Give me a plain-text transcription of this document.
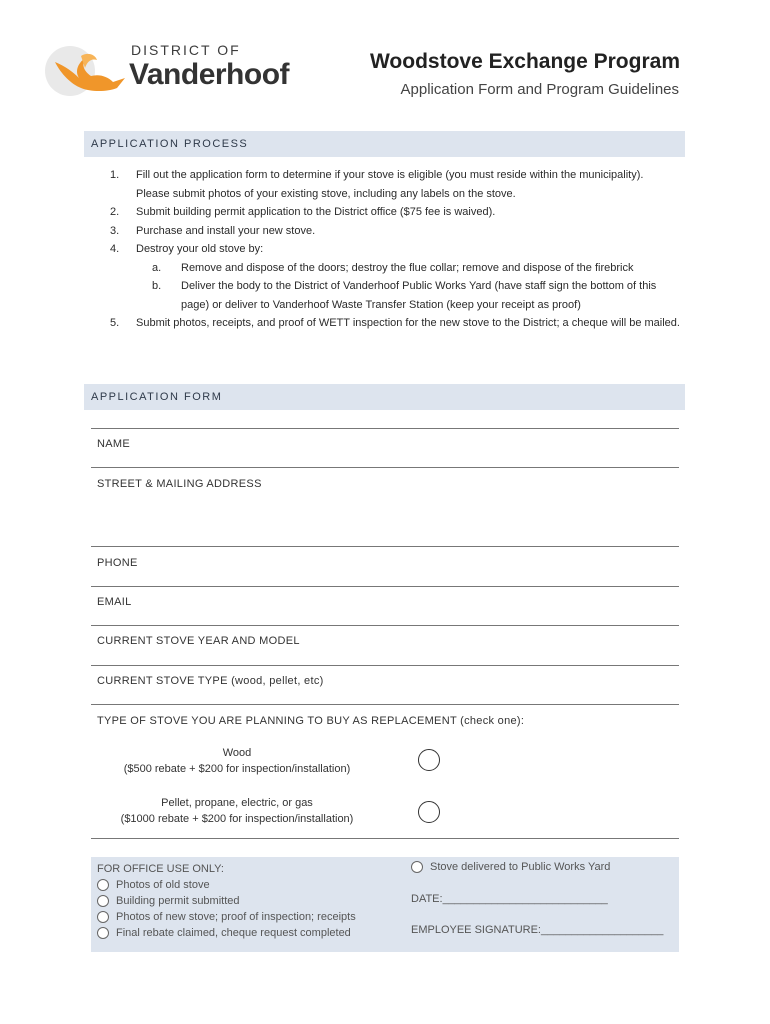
DISTRICT OF
Vanderhoof	Woodstove Exchange Program
Application Form and Program Guidelines
APPLICATION PROCESS
1.	Fill out the application form to determine if your stove is eligible (you must reside within the municipality). Please submit photos of your existing stove, including any labels on the stove.
2.	Submit building permit application to the District office ($75 fee is waived).
3.	Purchase and install your new stove.
4.	Destroy your old stove by:
a.	Remove and dispose of the doors; destroy the flue collar; remove and dispose of the firebrick
b.	Deliver the body to the District of Vanderhoof Public Works Yard (have staff sign the bottom of this page) or deliver to Vanderhoof Waste Transfer Station (keep your receipt as proof)
5.	Submit photos, receipts, and proof of WETT inspection for the new stove to the District; a cheque will be mailed.
APPLICATION FORM
NAME
STREET & MAILING ADDRESS
PHONE
EMAIL
CURRENT STOVE YEAR AND MODEL
CURRENT STOVE TYPE (wood, pellet, etc)
TYPE OF STOVE YOU ARE PLANNING TO BUY AS REPLACEMENT (check one):
Wood
($500 rebate + $200 for inspection/installation)
Pellet, propane, electric, or gas
($1000 rebate + $200 for inspection/installation)
FOR OFFICE USE ONLY:
Photos of old stove
Building permit submitted
Photos of new stove; proof of inspection; receipts
Final rebate claimed, cheque request completed
Stove delivered to Public Works Yard
DATE:___________________________
EMPLOYEE SIGNATURE:____________________
